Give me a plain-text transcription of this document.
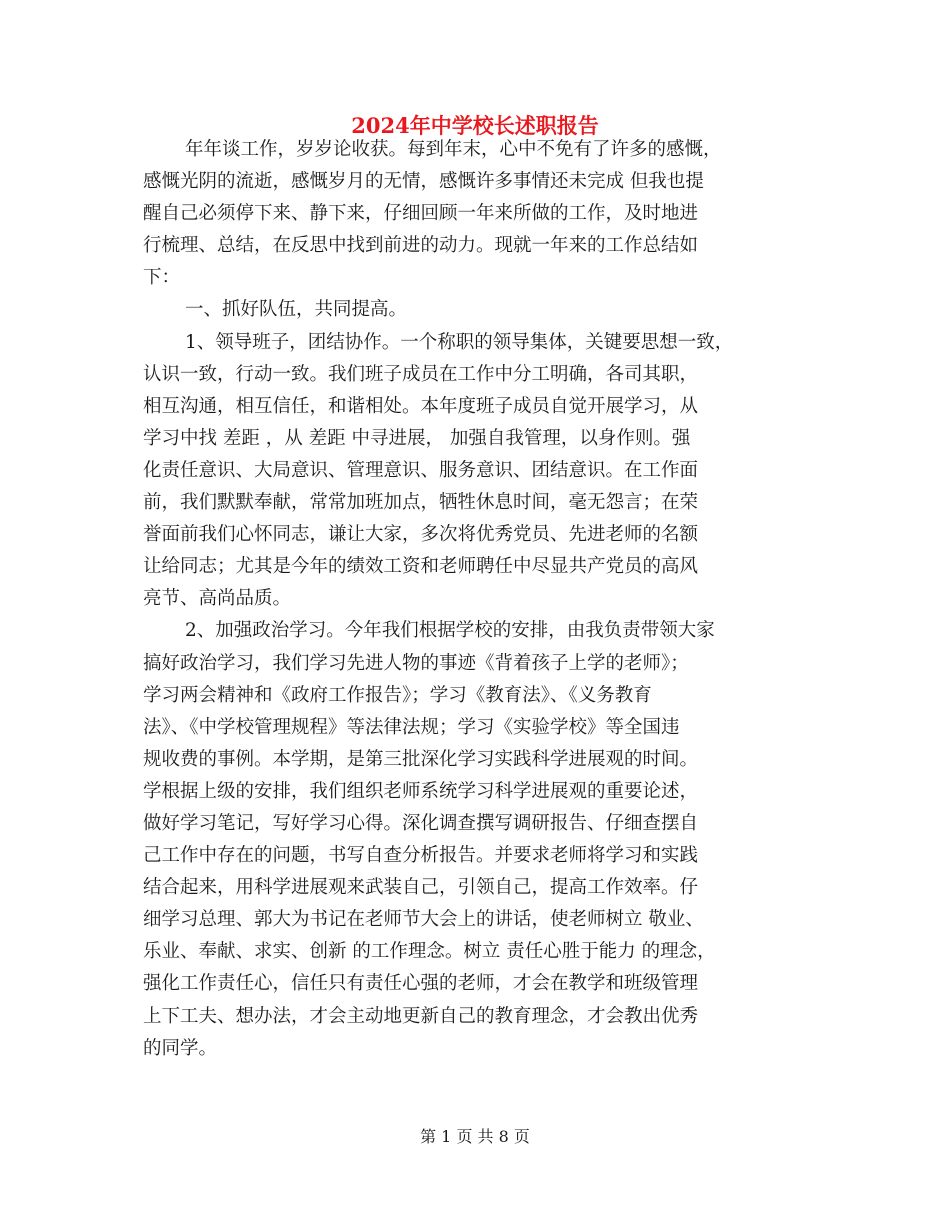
2024年中学校长述职报告
年年谈工作，岁岁论收获。每到年末，心中不免有了许多的感慨，
感慨光阴的流逝，感慨岁月的无情，感慨许多事情还未完成 但我也提
醒自己必须停下来、静下来，仔细回顾一年来所做的工作，及时地进
行梳理、总结，在反思中找到前进的动力。现就一年来的工作总结如
下：
一、抓好队伍，共同提高。
1、领导班子，团结协作。一个称职的领导集体，关键要思想一致，
认识一致，行动一致。我们班子成员在工作中分工明确，各司其职，
相互沟通，相互信任，和谐相处。本年度班子成员自觉开展学习，从
学习中找 差距 ，从 差距 中寻进展， 加强自我管理，以身作则。强
化责任意识、大局意识、管理意识、服务意识、团结意识。在工作面
前，我们默默奉献，常常加班加点，牺牲休息时间，毫无怨言；在荣
誉面前我们心怀同志，谦让大家，多次将优秀党员、先进老师的名额
让给同志；尤其是今年的绩效工资和老师聘任中尽显共产党员的高风
亮节、高尚品质。
2、加强政治学习。今年我们根据学校的安排，由我负责带领大家
搞好政治学习，我们学习先进人物的事迹《背着孩子上学的老师》；
学习两会精神和《政府工作报告》；学习《教育法》、《义务教育
法》、《中学校管理规程》等法律法规；学习《实验学校》等全国违
规收费的事例。本学期，是第三批深化学习实践科学进展观的时间。
学根据上级的安排，我们组织老师系统学习科学进展观的重要论述，
做好学习笔记，写好学习心得。深化调查撰写调研报告、仔细查摆自
己工作中存在的问题，书写自查分析报告。并要求老师将学习和实践
结合起来，用科学进展观来武装自己，引领自己，提高工作效率。仔
细学习总理、郭大为书记在老师节大会上的讲话，使老师树立 敬业、
乐业、奉献、求实、创新 的工作理念。树立 责任心胜于能力 的理念，
强化工作责任心，信任只有责任心强的老师，才会在教学和班级管理
上下工夫、想办法，才会主动地更新自己的教育理念，才会教出优秀
的同学。
第 1 页 共 8 页
